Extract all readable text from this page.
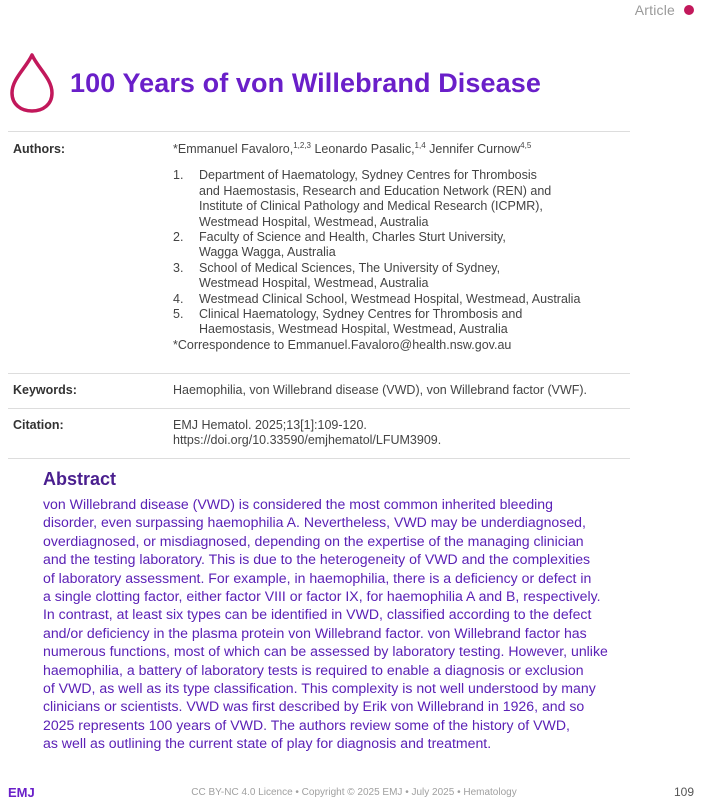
Article
100 Years of von Willebrand Disease
Authors:	*Emmanuel Favaloro,$^{1,2,3}$ Leonardo Pasalic,$^{1,4}$ Jennifer Curnow$^{4,5}$
1.	Department of Haematology, Sydney Centres for Thrombosis
and Haemostasis, Research and Education Network (REN) and
Institute of Clinical Pathology and Medical Research (ICPMR),
Westmead Hospital, Westmead, Australia
2.	Faculty of Science and Health, Charles Sturt University,
Wagga Wagga, Australia
3.	School of Medical Sciences, The University of Sydney,
Westmead Hospital, Westmead, Australia
4.	Westmead Clinical School, Westmead Hospital, Westmead, Australia
5.	Clinical Haematology, Sydney Centres for Thrombosis and
Haemostasis, Westmead Hospital, Westmead, Australia
*Correspondence to Emmanuel.Favaloro@health.nsw.gov.au
Keywords:	Haemophilia, von Willebrand disease (VWD), von Willebrand factor (VWF).
Citation:	EMJ Hematol. 2025;13[1]:109-120.
https://doi.org/10.33590/emjhematol/LFUM3909.
Abstract

von Willebrand disease (VWD) is considered the most common inherited bleeding
disorder, even surpassing haemophilia A. Nevertheless, VWD may be underdiagnosed,
overdiagnosed, or misdiagnosed, depending on the expertise of the managing clinician
and the testing laboratory. This is due to the heterogeneity of VWD and the complexities
of laboratory assessment. For example, in haemophilia, there is a deficiency or defect in
a single clotting factor, either factor VIII or factor IX, for haemophilia A and B, respectively.
In contrast, at least six types can be identified in VWD, classified according to the defect
and/or deficiency in the plasma protein von Willebrand factor. von Willebrand factor has
numerous functions, most of which can be assessed by laboratory testing. However, unlike
haemophilia, a battery of laboratory tests is required to enable a diagnosis or exclusion
of VWD, as well as its type classification. This complexity is not well understood by many
clinicians or scientists. VWD was first described by Erik von Willebrand in 1926, and so
2025 represents 100 years of VWD. The authors review some of the history of VWD,
as well as outlining the current state of play for diagnosis and treatment.

EMJ	CC BY-NC 4.0 Licence • Copyright © 2025 EMJ • July 2025 • Hematology	109
